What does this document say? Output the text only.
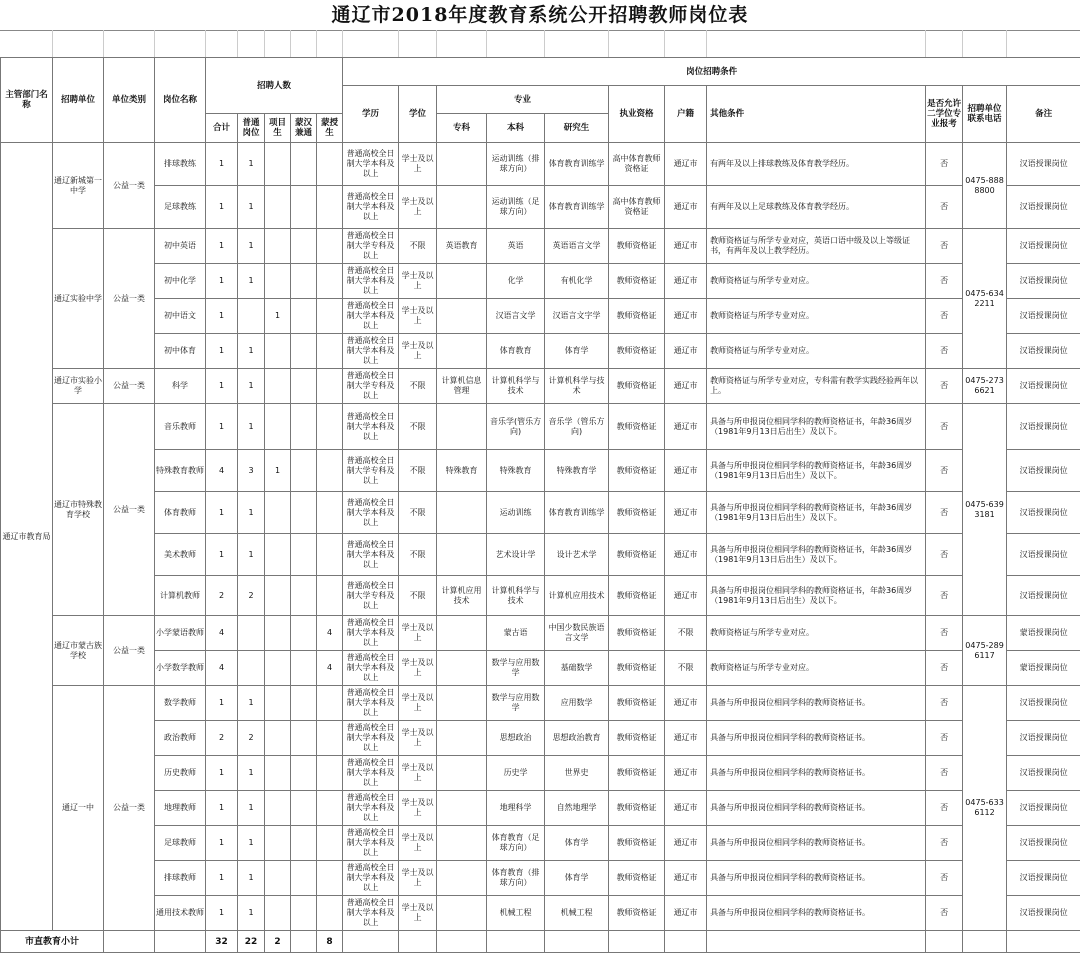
通辽市2018年度教育系统公开招聘教师岗位表
主管部门名称	招聘单位	单位类别	岗位名称	招聘人数					岗位招聘条件										
									学历	学位	专业			执业资格	户籍	其他条件	是否允许二学位专业报考	招聘单位联系电话	备注
				合计	普通岗位	项目生	蒙汉兼通	蒙授生			专科	本科	研究生						
通辽市教育局	通辽新城第一中学	公益一类	排球教练	1	1				普通高校全日制大学本科及以上	学士及以上		运动训练（排球方向）	体育教育训练学	高中体育教师资格证	通辽市	有两年及以上排球教练及体育教学经历。	否	0475-8888800	汉语授课岗位
			足球教练	1	1				普通高校全日制大学本科及以上	学士及以上		运动训练（足球方向）	体育教育训练学	高中体育教师资格证	通辽市	有两年及以上足球教练及体育教学经历。	否		汉语授课岗位
	通辽实验中学	公益一类	初中英语	1	1				普通高校全日制大学专科及以上	不限	英语教育	英语	英语语言文学	教师资格证	通辽市	教师资格证与所学专业对应，英语口语中级及以上等级证书，有两年及以上教学经历。	否	0475-6342211	汉语授课岗位
			初中化学	1	1				普通高校全日制大学本科及以上	学士及以上		化学	有机化学	教师资格证	通辽市	教师资格证与所学专业对应。	否		汉语授课岗位
			初中语文	1		1			普通高校全日制大学本科及以上	学士及以上		汉语言文学	汉语言文字学	教师资格证	通辽市	教师资格证与所学专业对应。	否		汉语授课岗位
			初中体育	1	1				普通高校全日制大学本科及以上	学士及以上		体育教育	体育学	教师资格证	通辽市	教师资格证与所学专业对应。	否		汉语授课岗位
	通辽市实验小学	公益一类	科学	1	1				普通高校全日制大学专科及以上	不限	计算机信息管理	计算机科学与技术	计算机科学与技术	教师资格证	通辽市	教师资格证与所学专业对应，专科需有教学实践经验两年以上。	否	0475-2736621	汉语授课岗位
	通辽市特殊教育学校	公益一类	音乐教师	1	1				普通高校全日制大学本科及以上	不限		音乐学(管乐方向)	音乐学（管乐方向)	教师资格证	通辽市	具备与所申报岗位相同学科的教师资格证书，年龄36周岁（1981年9月13日后出生）及以下。	否	0475-6393181	汉语授课岗位
			特殊教育教师	4	3	1			普通高校全日制大学专科及以上	不限	特殊教育	特殊教育	特殊教育学	教师资格证	通辽市	具备与所申报岗位相同学科的教师资格证书，年龄36周岁（1981年9月13日后出生）及以下。	否		汉语授课岗位
			体育教师	1	1				普通高校全日制大学本科及以上	不限		运动训练	体育教育训练学	教师资格证	通辽市	具备与所申报岗位相同学科的教师资格证书，年龄36周岁（1981年9月13日后出生）及以下。	否		汉语授课岗位
			美术教师	1	1				普通高校全日制大学本科及以上	不限		艺术设计学	设计艺术学	教师资格证	通辽市	具备与所申报岗位相同学科的教师资格证书，年龄36周岁（1981年9月13日后出生）及以下。	否		汉语授课岗位
			计算机教师	2	2				普通高校全日制大学专科及以上	不限	计算机应用技术	计算机科学与技术	计算机应用技术	教师资格证	通辽市	具备与所申报岗位相同学科的教师资格证书，年龄36周岁（1981年9月13日后出生）及以下。	否		汉语授课岗位
	通辽市蒙古族学校	公益一类	小学蒙语教师	4				4	普通高校全日制大学本科及以上	学士及以上		蒙古语	中国少数民族语言文学	教师资格证	不限	教师资格证与所学专业对应。	否	0475-2896117	蒙语授课岗位
			小学数学教师	4				4	普通高校全日制大学本科及以上	学士及以上		数学与应用数学	基础数学	教师资格证	不限	教师资格证与所学专业对应。	否		蒙语授课岗位
	通辽一中	公益一类	数学教师	1	1				普通高校全日制大学本科及以上	学士及以上		数学与应用数学	应用数学	教师资格证	通辽市	具备与所申报岗位相同学科的教师资格证书。	否	0475-6336112	汉语授课岗位
			政治教师	2	2				普通高校全日制大学本科及以上	学士及以上		思想政治	思想政治教育	教师资格证	通辽市	具备与所申报岗位相同学科的教师资格证书。	否		汉语授课岗位
			历史教师	1	1				普通高校全日制大学本科及以上	学士及以上		历史学	世界史	教师资格证	通辽市	具备与所申报岗位相同学科的教师资格证书。	否		汉语授课岗位
			地理教师	1	1				普通高校全日制大学本科及以上	学士及以上		地理科学	自然地理学	教师资格证	通辽市	具备与所申报岗位相同学科的教师资格证书。	否		汉语授课岗位
			足球教师	1	1				普通高校全日制大学本科及以上	学士及以上		体育教育（足球方向）	体育学	教师资格证	通辽市	具备与所申报岗位相同学科的教师资格证书。	否		汉语授课岗位
			排球教师	1	1				普通高校全日制大学本科及以上	学士及以上		体育教育（排球方向）	体育学	教师资格证	通辽市	具备与所申报岗位相同学科的教师资格证书。	否		汉语授课岗位
			通用技术教师	1	1				普通高校全日制大学本科及以上	学士及以上		机械工程	机械工程	教师资格证	通辽市	具备与所申报岗位相同学科的教师资格证书。	否		汉语授课岗位
市直教育小计				32	22	2		8											
